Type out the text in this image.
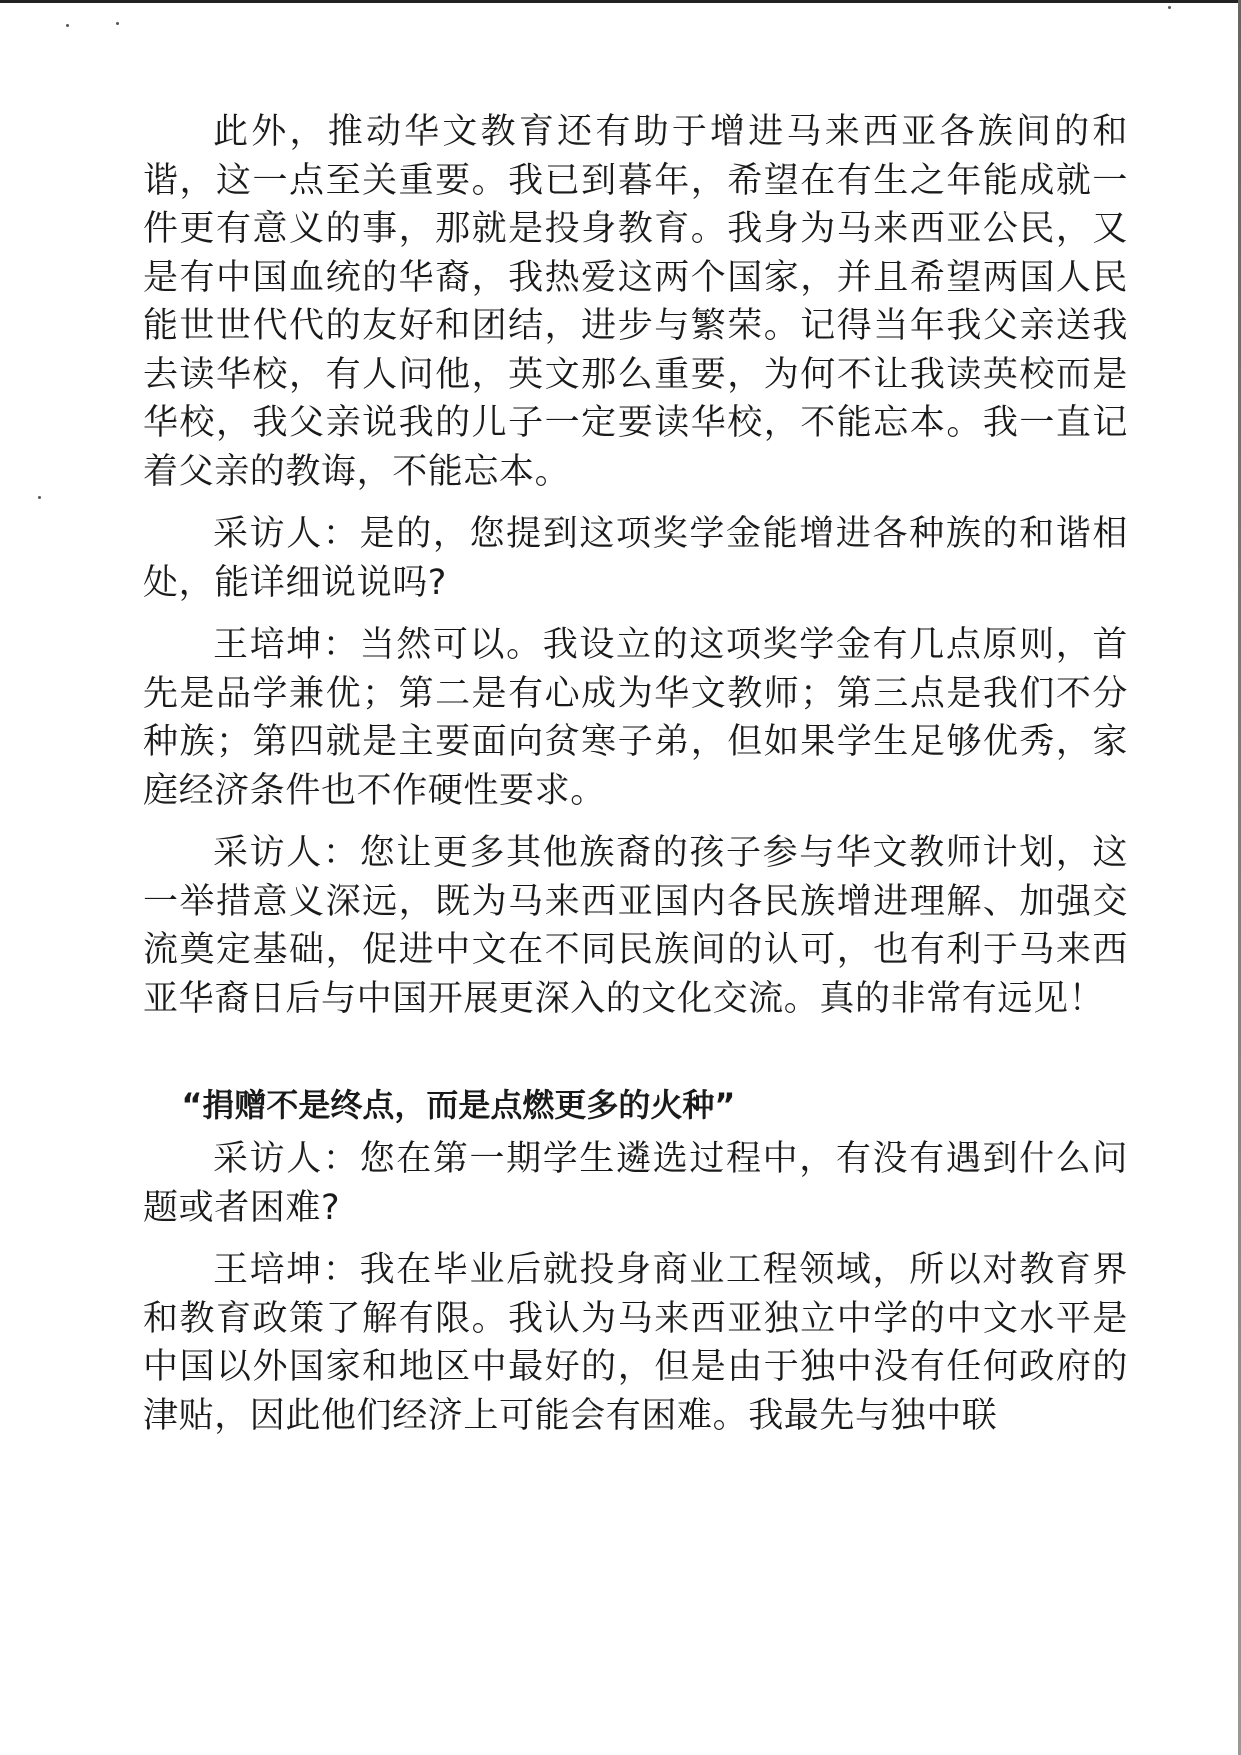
此外，推动华文教育还有助于增进马来西亚各族间的和谐，这一点至关重要。我已到暮年，希望在有生之年能成就一件更有意义的事，那就是投身教育。我身为马来西亚公民，又是有中国血统的华裔，我热爱这两个国家，并且希望两国人民能世世代代的友好和团结，进步与繁荣。记得当年我父亲送我去读华校，有人问他，英文那么重要，为何不让我读英校而是华校，我父亲说我的儿子一定要读华校，不能忘本。我一直记着父亲的教诲，不能忘本。

采访人：是的，您提到这项奖学金能增进各种族的和谐相处，能详细说说吗?

王培坤：当然可以。我设立的这项奖学金有几点原则，首先是品学兼优；第二是有心成为华文教师；第三点是我们不分种族；第四就是主要面向贫寒子弟，但如果学生足够优秀，家庭经济条件也不作硬性要求。

采访人：您让更多其他族裔的孩子参与华文教师计划，这一举措意义深远，既为马来西亚国内各民族增进理解、加强交流奠定基础，促进中文在不同民族间的认可，也有利于马来西亚华裔日后与中国开展更深入的文化交流。真的非常有远见！

“捐赠不是终点，而是点燃更多的火种”

采访人：您在第一期学生遴选过程中，有没有遇到什么问题或者困难?

王培坤：我在毕业后就投身商业工程领域，所以对教育界和教育政策了解有限。我认为马来西亚独立中学的中文水平是中国以外国家和地区中最好的，但是由于独中没有任何政府的津贴，因此他们经济上可能会有困难。我最先与独中联
